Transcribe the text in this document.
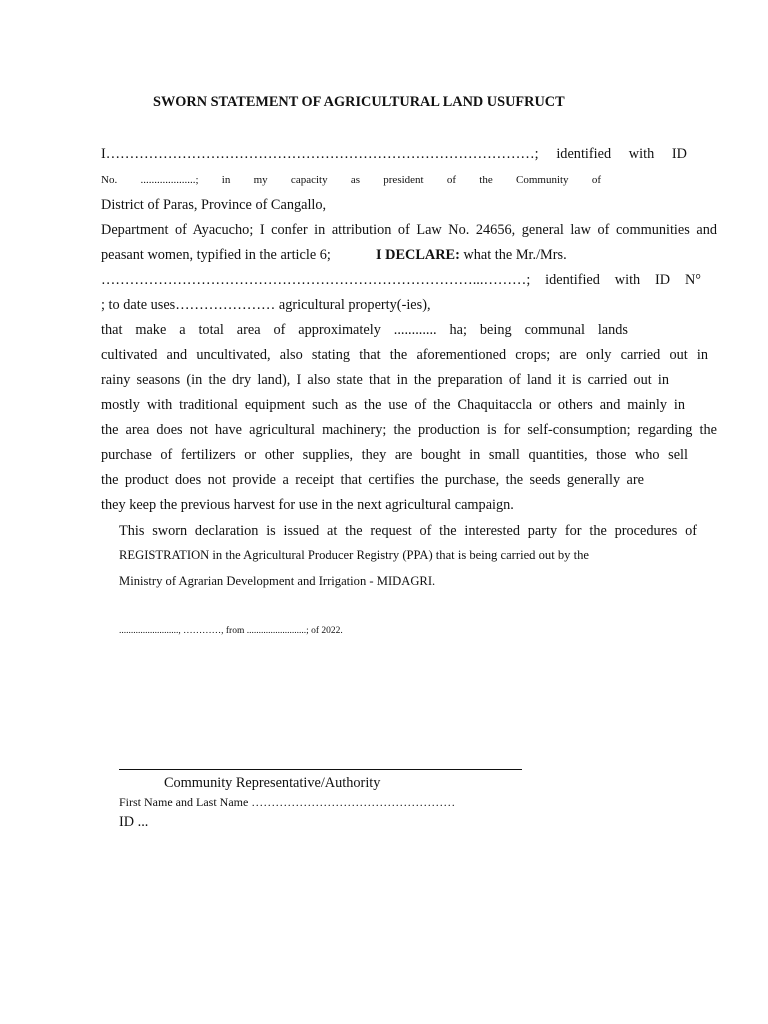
SWORN STATEMENT OF AGRICULTURAL LAND USUFRUCT
I………………………………………………………………………………; identified with ID
No. ....................; in my capacity as president of the Community of
District of Paras, Province of Cangallo,
Department of Ayacucho; I confer in attribution of Law No. 24656, general law of communities and
peasant women, typified in the article 6;	I DECLARE: what the Mr./Mrs.
……………………………………………………………………...………; identified with ID N°
; to date uses………………… agricultural property(-ies),
that make a total area of approximately ............ ha; being communal lands
cultivated and uncultivated, also stating that the aforementioned crops; are only carried out in
rainy seasons (in the dry land), I also state that in the preparation of land it is carried out in
mostly with traditional equipment such as the use of the Chaquitaccla or others and mainly in
the area does not have agricultural machinery; the production is for self-consumption; regarding the
purchase of fertilizers or other supplies, they are bought in small quantities, those who sell
the product does not provide a receipt that certifies the purchase, the seeds generally are
they keep the previous harvest for use in the next agricultural campaign.
This sworn declaration is issued at the request of the interested party for the procedures of
REGISTRATION in the Agricultural Producer Registry (PPA) that is being carried out by the
Ministry of Agrarian Development and Irrigation - MIDAGRI.
........................., …………, from .........................; of 2022.
Community Representative/Authority
First Name and Last Name ……………………………………………
ID ...
